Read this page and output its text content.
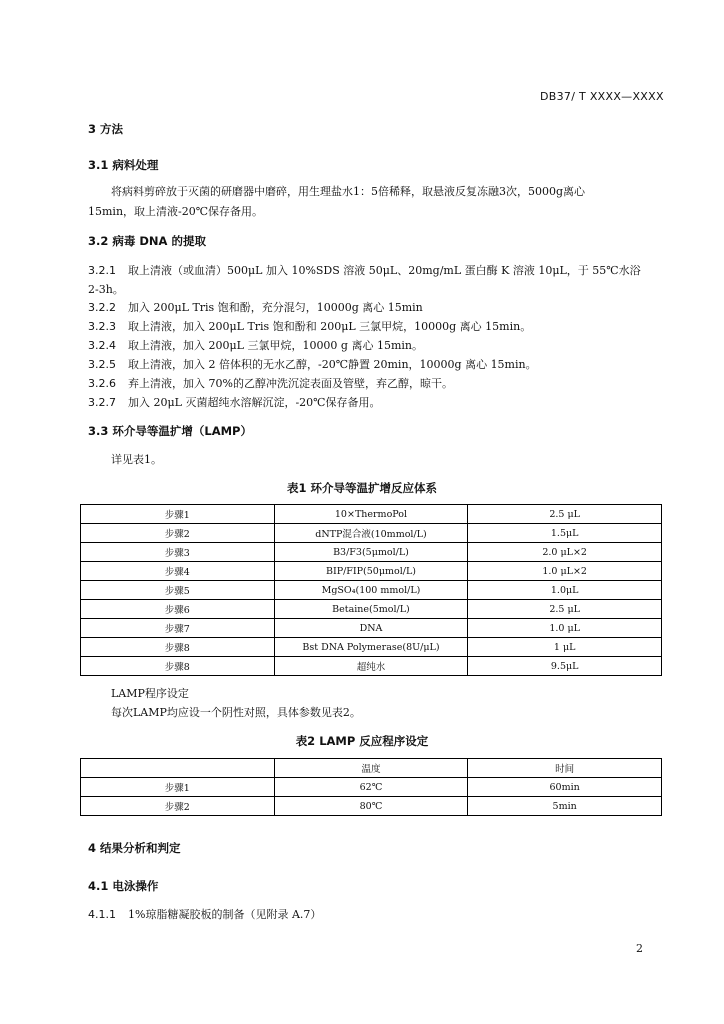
DB37/ T XXXX—XXXX
3 方法
3.1 病料处理
将病料剪碎放于灭菌的研磨器中磨碎，用生理盐水1：5倍稀释，取悬液反复冻融3次，5000g离心
15min，取上清液-20℃保存备用。
3.2 病毒 DNA 的提取
3.2.1 取上清液（或血清）500μL 加入 10%SDS 溶液 50μL、20mg/mL 蛋白酶 K 溶液 10μL，于 55℃水浴
2-3h。
3.2.2 加入 200μL Tris 饱和酚，充分混匀，10000g 离心 15min
3.2.3 取上清液，加入 200μL Tris 饱和酚和 200μL 三氯甲烷，10000g 离心 15min。
3.2.4 取上清液，加入 200μL 三氯甲烷，10000 g 离心 15min。
3.2.5 取上清液，加入 2 倍体积的无水乙醇，-20℃静置 20min，10000g 离心 15min。
3.2.6 弃上清液，加入 70%的乙醇冲洗沉淀表面及管壁，弃乙醇，晾干。
3.2.7 加入 20μL 灭菌超纯水溶解沉淀，-20℃保存备用。
3.3 环介导等温扩增（LAMP）
详见表1。
表1 环介导等温扩增反应体系
步骤1	10×ThermoPol	2.5 μL
步骤2	dNTP混合液(10mmol/L)	1.5μL
步骤3	B3/F3(5μmol/L)	2.0 μL×2
步骤4	BIP/FIP(50μmol/L)	1.0 μL×2
步骤5	MgSO₄(100 mmol/L)	1.0μL
步骤6	Betaine(5mol/L)	2.5 μL
步骤7	DNA	1.0 μL
步骤8	Bst DNA Polymerase(8U/μL)	1 μL
步骤8	超纯水	9.5μL
LAMP程序设定
每次LAMP均应设一个阴性对照，具体参数见表2。
表2 LAMP 反应程序设定
	温度	时间
步骤1	62℃	60min
步骤2	80℃	5min
4 结果分析和判定
4.1 电泳操作
4.1.1 1%琼脂糖凝胶板的制备（见附录 A.7）
2
